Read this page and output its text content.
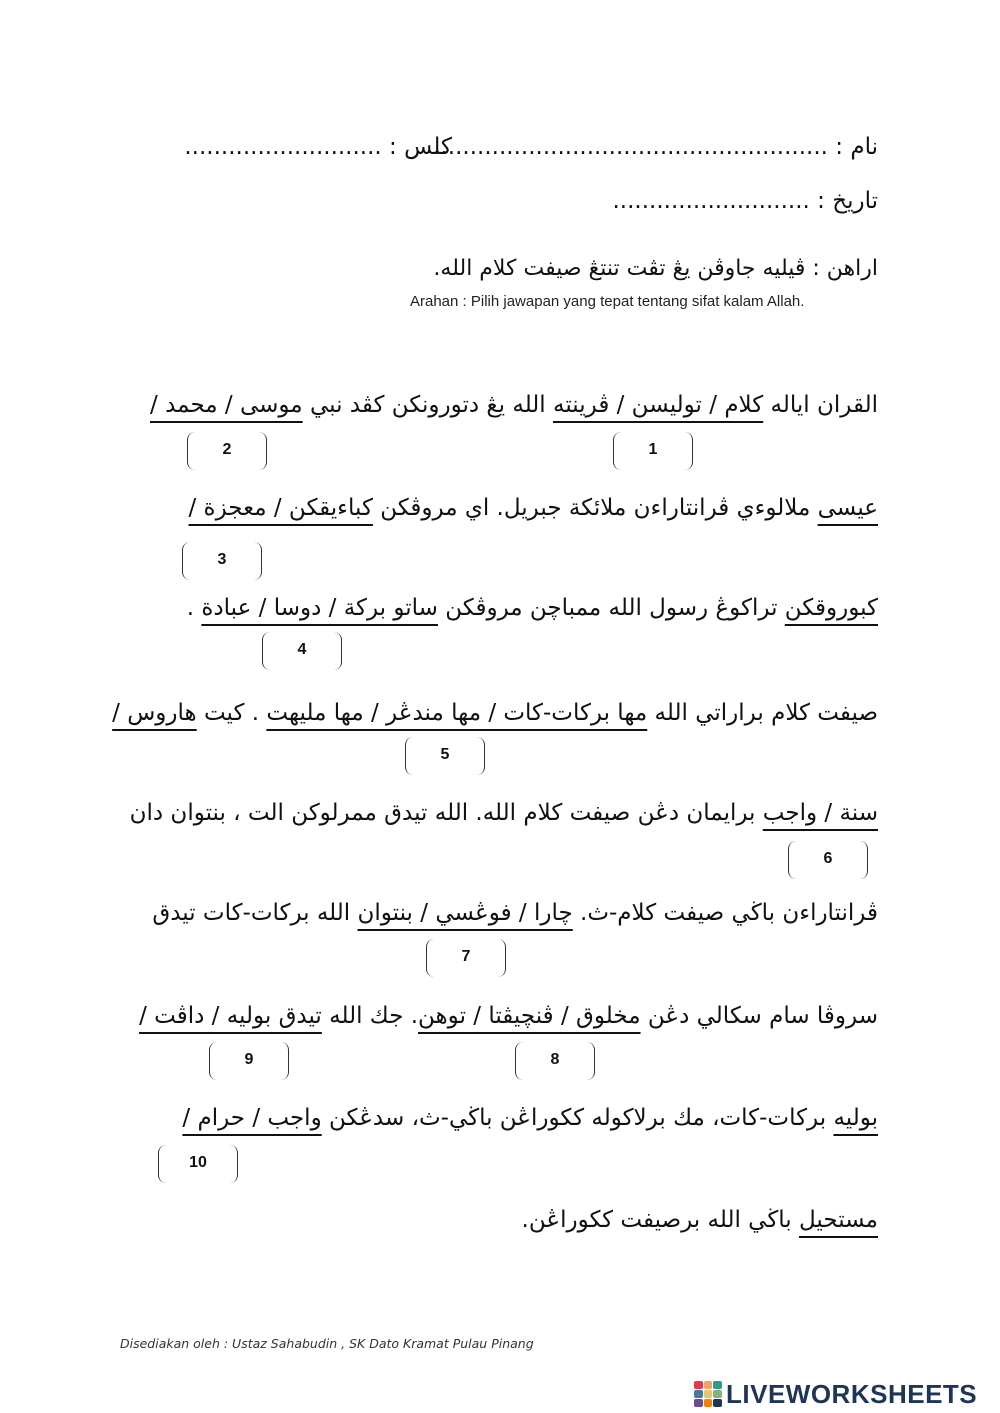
نام : ......................................................
كلس : ...........................
تاريخ : ...........................
اراهن : ڤيليه جاوڤن يڠ تڤت تنتڠ صيفت كلام الله.
Arahan : Pilih jawapan yang tepat tentang sifat kalam Allah.
القران اياله كلام / توليسن / ڤرينته الله يڠ دتورونكن كڤد نبي موسى / محمد /
عيسى ملالوءي ڤرانتاراءن ملائكة جبريل. اي مروڤكن كباءيقكن / معجزة /
كبوروقكن تراكوڠ رسول الله ممباچن مروڤكن ساتو بركة / دوسا / عبادة .
صيفت كلام براراتي الله مها بركات-كات / مها مندڠر / مها مليهت . كيت هاروس /
سنة / واجب برايمان دڠن صيفت كلام الله. الله تيدق ممرلوكن الت ، بنتوان دان
ڤرانتاراءن باڬي صيفت كلام-ث. چارا / فوڠسي / بنتوان الله بركات-كات تيدق
سروڤا سام سكالي دڠن مخلوق / ڤنچيڤتا / توهن. جك الله تيدق بوليه / داڤت /
بوليه بركات-كات، مك برلاكوله ككوراڠن باڬي-ث، سدڠكن واجب / حرام /
مستحيل باڬي الله برصيفت ككوراڠن.
1
2
3
4
5
6
7
8
9
10
Disediakan oleh : Ustaz Sahabudin , SK Dato Kramat Pulau Pinang
LIVEWORKSHEETS
